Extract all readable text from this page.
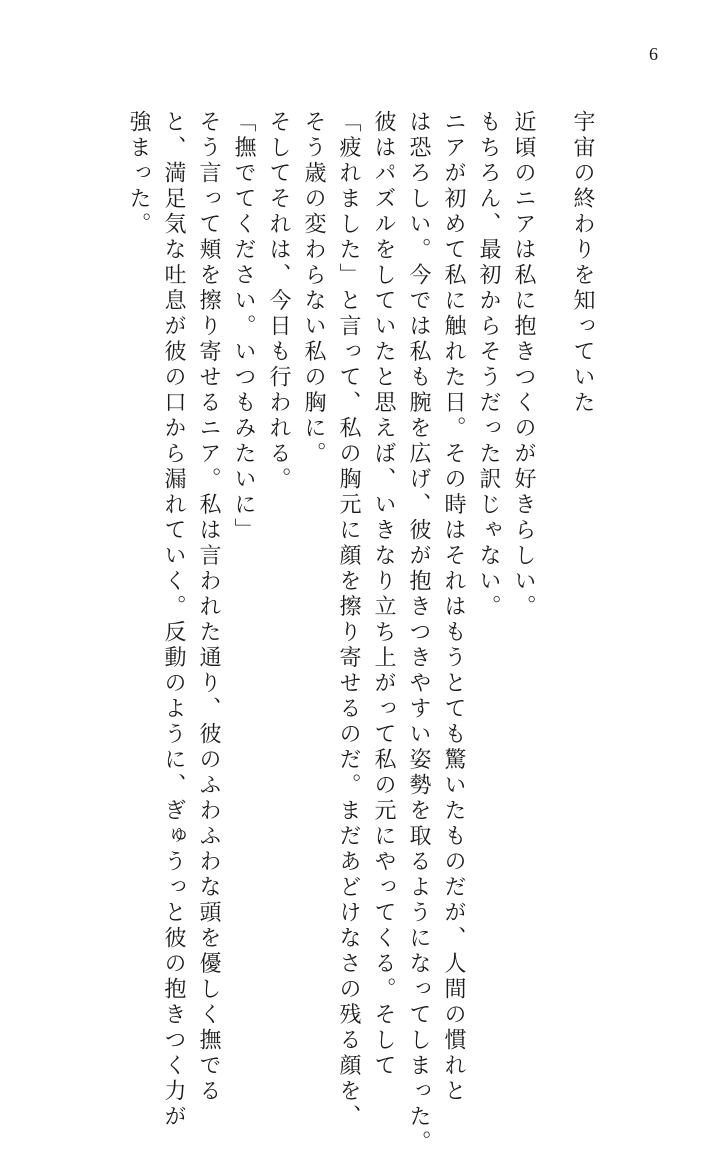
6
宇宙の終わりを知っていた
近頃のニアは私に抱きつくのが好きらしい。
もちろん、最初からそうだった訳じゃない。
ニアが初めて私に触れた日。その時はそれはもうとても驚いたものだが、人間の慣れと
は恐ろしい。今では私も腕を広げ、彼が抱きつきやすい姿勢を取るようになってしまった。
彼はパズルをしていたと思えば、いきなり立ち上がって私の元にやってくる。そして
「疲れました」と言って、私の胸元に顔を擦り寄せるのだ。まだあどけなさの残る顔を、
そう歳の変わらない私の胸に。
そしてそれは、今日も行われる。
「撫でてください。いつもみたいに」
そう言って頬を擦り寄せるニア。私は言われた通り、彼のふわふわな頭を優しく撫でる
と、満足気な吐息が彼の口から漏れていく。反動のように、ぎゅうっと彼の抱きつく力が
強まった。
